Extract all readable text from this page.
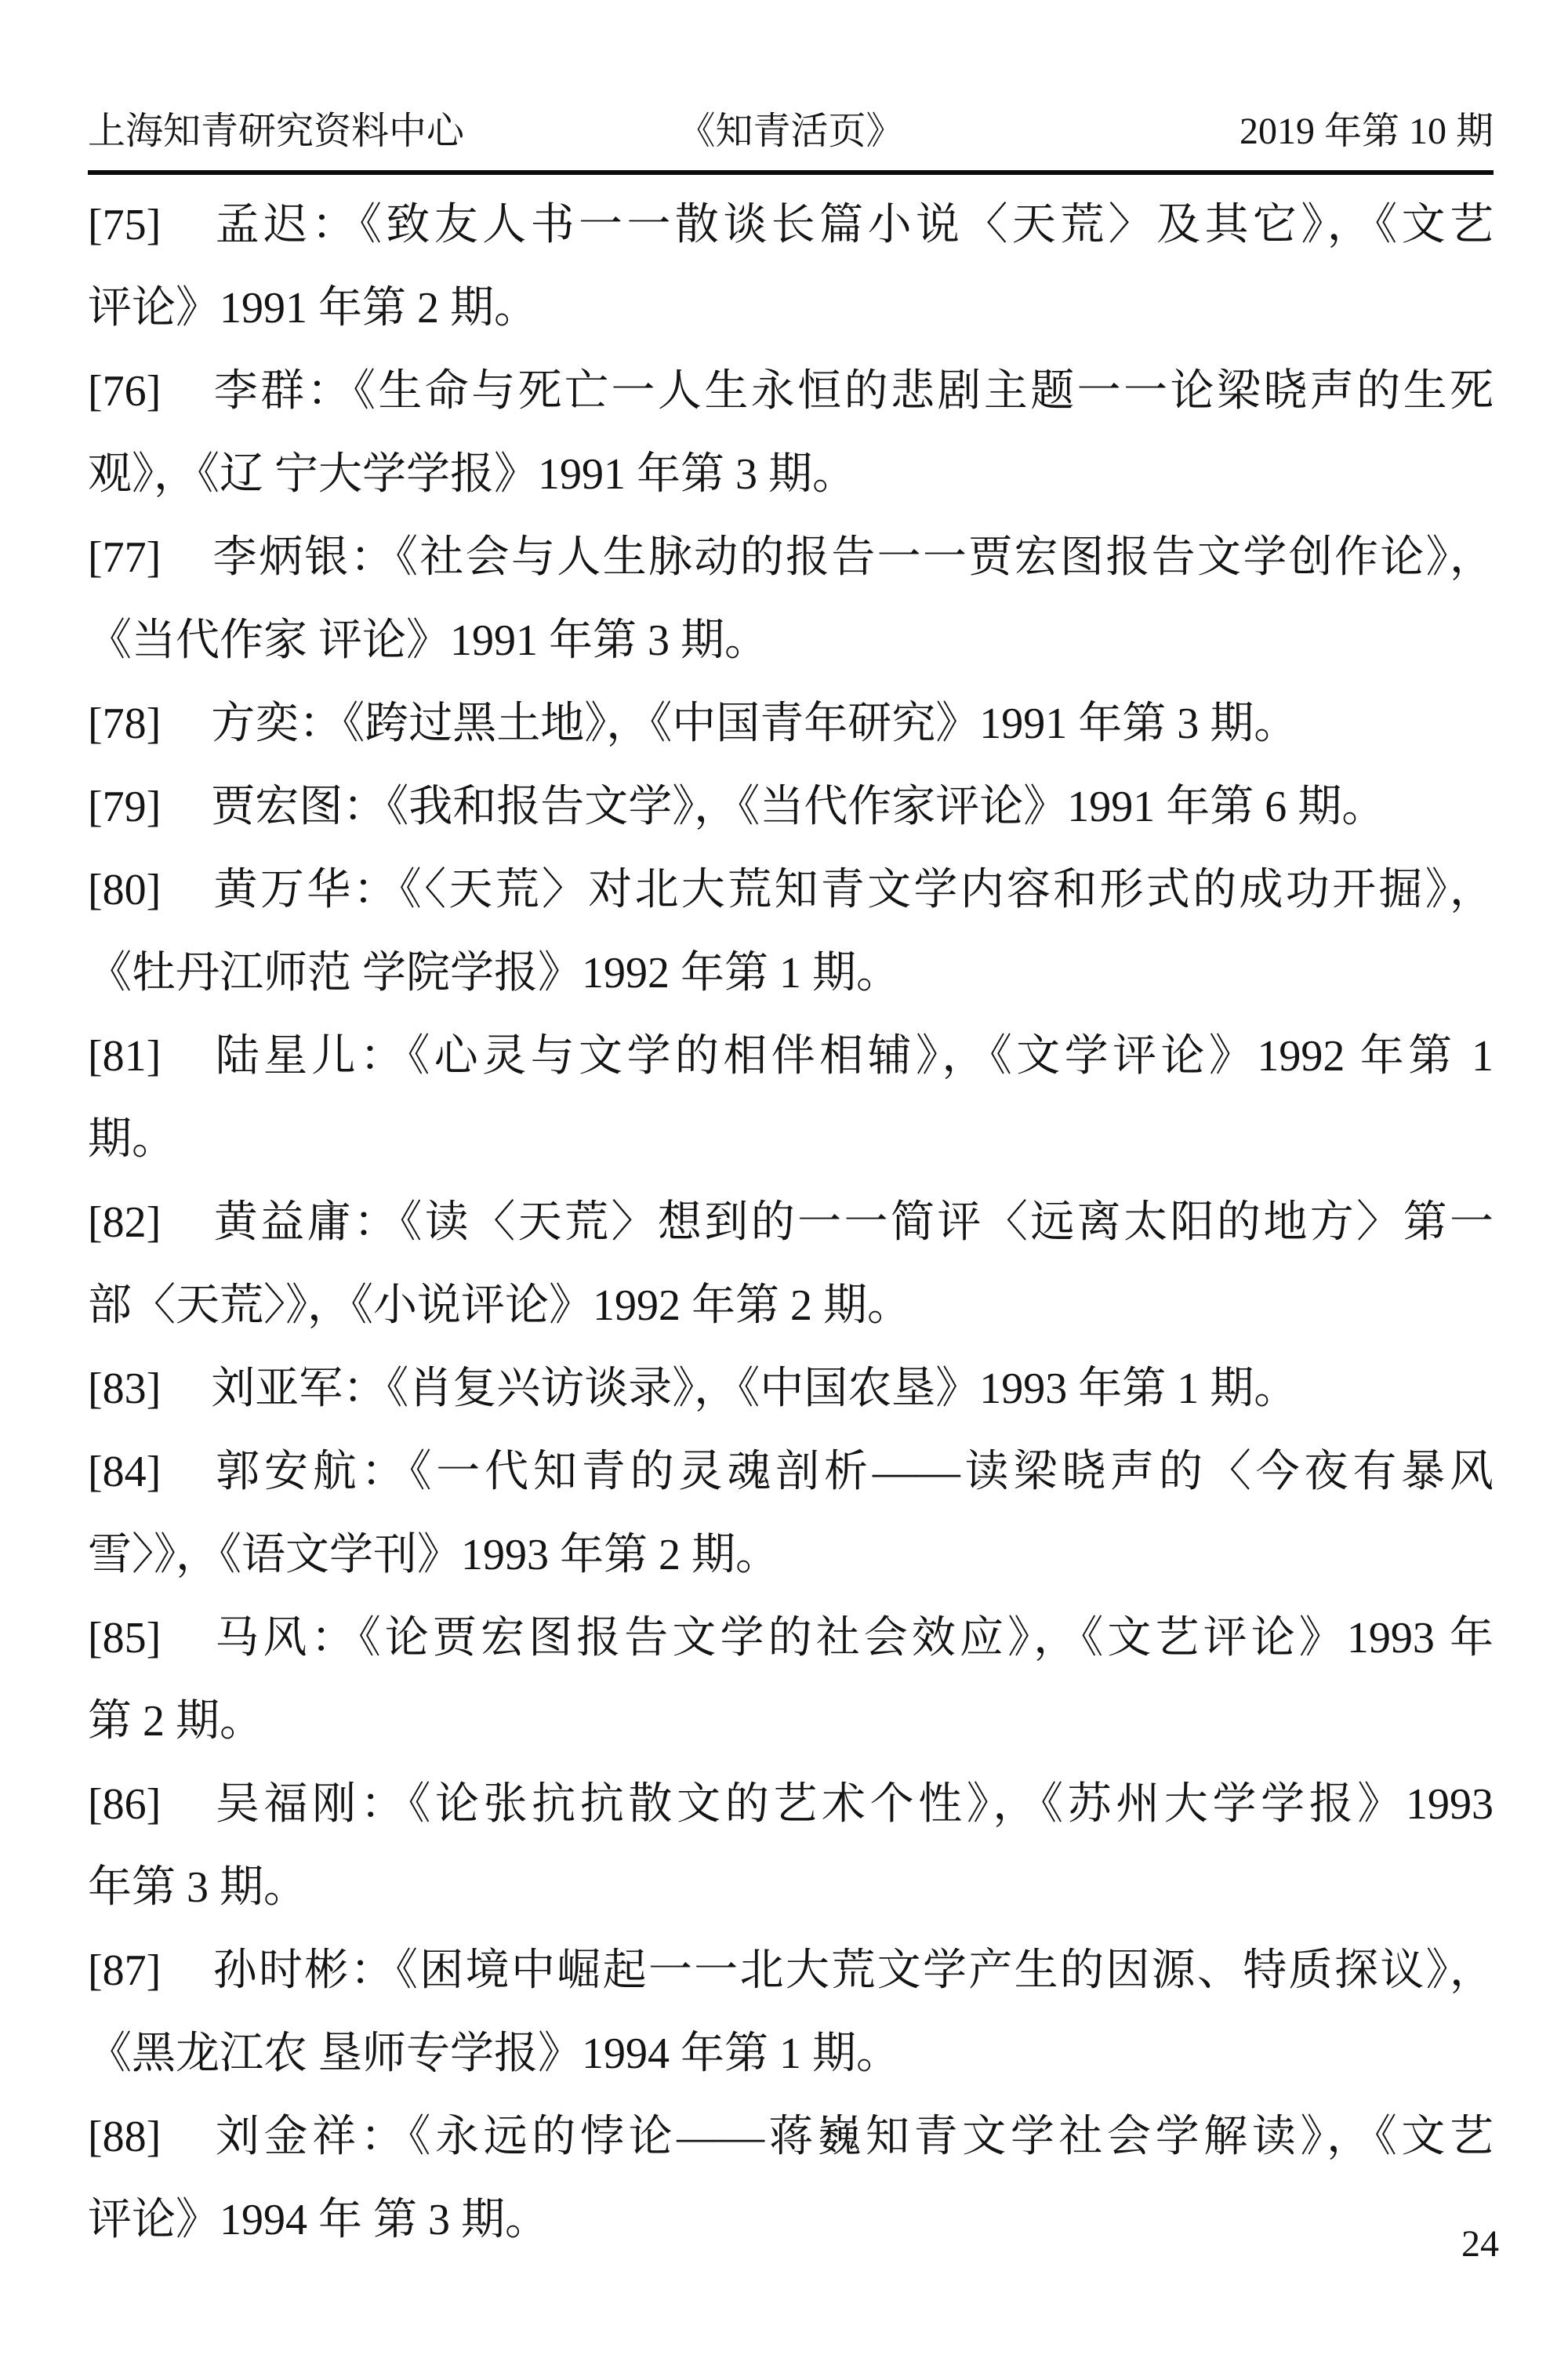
上海知青研究资料中心	《知青活页》	2019 年第 10 期
[75] 孟迟：《致友人书一一散谈长篇小说〈天荒〉及其它》，《文艺
评论》1991 年第 2 期。
[76] 李群：《生命与死亡一人生永恒的悲剧主题一一论梁晓声的生死
观》，《辽 宁大学学报》1991 年第 3 期。
[77] 李炳银：《社会与人生脉动的报告一一贾宏图报告文学创作论》，
《当代作家 评论》1991 年第 3 期。
[78] 方奕：《跨过黑土地》，《中国青年研究》1991 年第 3 期。
[79] 贾宏图：《我和报告文学》，《当代作家评论》1991 年第 6 期。
[80] 黄万华：《〈天荒〉对北大荒知青文学内容和形式的成功开掘》，
《牡丹江师范 学院学报》1992 年第 1 期。
[81] 陆星儿：《心灵与文学的相伴相辅》，《文学评论》1992 年第 1
期。
[82] 黄益庸：《读〈天荒〉想到的一一简评〈远离太阳的地方〉第一
部〈天荒〉》，《小说评论》1992 年第 2 期。
[83] 刘亚军：《肖复兴访谈录》，《中国农垦》1993 年第 1 期。
[84] 郭安航：《一代知青的灵魂剖析——读梁晓声的〈今夜有暴风
雪〉》，《语文学刊》1993 年第 2 期。
[85] 马风：《论贾宏图报告文学的社会效应》，《文艺评论》1993 年
第 2 期。
[86] 吴福刚：《论张抗抗散文的艺术个性》，《苏州大学学报》1993
年第 3 期。
[87] 孙时彬：《困境中崛起一一北大荒文学产生的因源、特质探议》，
《黑龙江农 垦师专学报》1994 年第 1 期。
[88] 刘金祥：《永远的悖论——蒋巍知青文学社会学解读》，《文艺
评论》1994 年 第 3 期。	24
